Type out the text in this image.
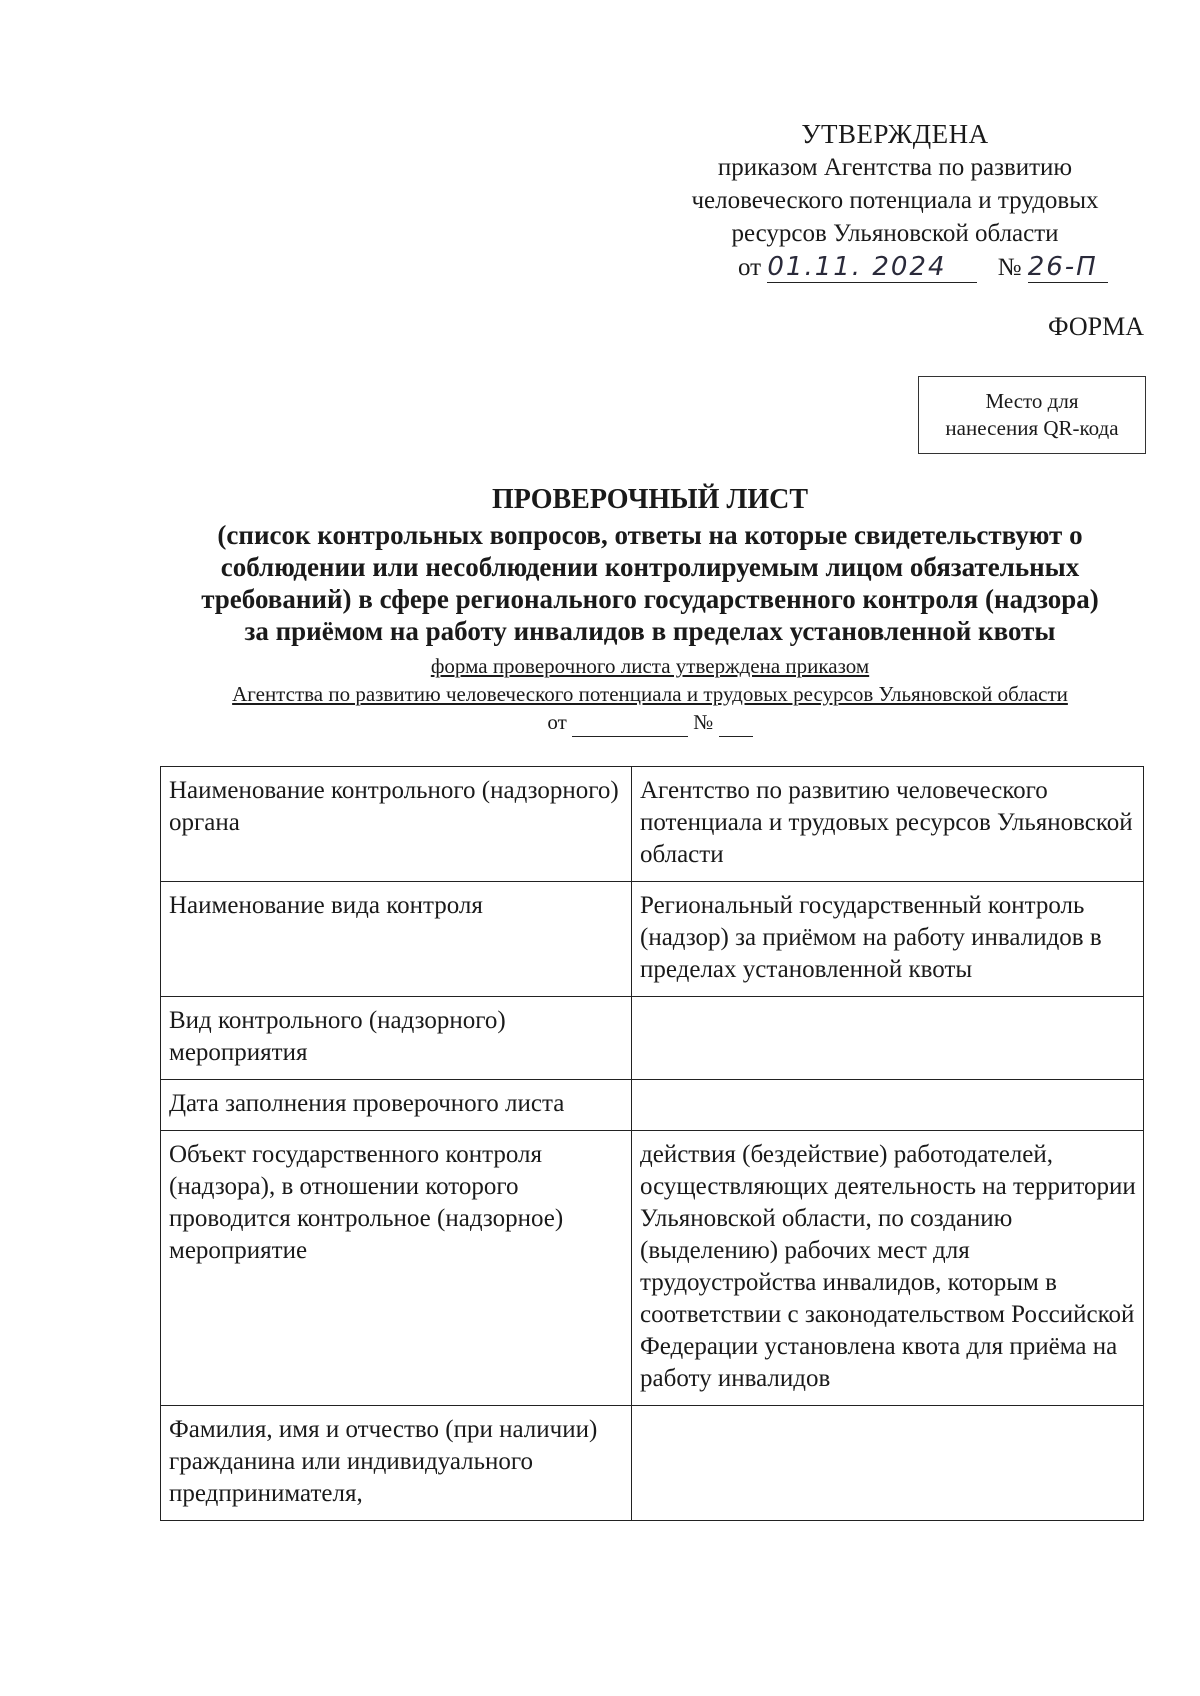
УТВЕРЖДЕНА
приказом Агентства по развитию
человеческого потенциала и трудовых
ресурсов Ульяновской области
от 01.11. 2024 № 26-П
ФОРМА
Место для
нанесения QR-кода
ПРОВЕРОЧНЫЙ ЛИСТ
(список контрольных вопросов, ответы на которые свидетельствуют о
соблюдении или несоблюдении контролируемым лицом обязательных
требований) в сфере регионального государственного контроля (надзора)
за приёмом на работу инвалидов в пределах установленной квоты
форма проверочного листа утверждена приказом
Агентства по развитию человеческого потенциала и трудовых ресурсов Ульяновской области
от	№
Наименование контрольного (надзорного) органа	Агентство по развитию человеческого потенциала и трудовых ресурсов Ульяновской области
Наименование вида контроля	Региональный государственный контроль (надзор) за приёмом на работу инвалидов в пределах установленной квоты
Вид контрольного (надзорного) мероприятия	
Дата заполнения проверочного листа	
Объект государственного контроля (надзора), в отношении которого проводится контрольное (надзорное) мероприятие	действия (бездействие) работодателей, осуществляющих деятельность на территории Ульяновской области, по созданию (выделению) рабочих мест для трудоустройства инвалидов, которым в соответствии с законодательством Российской Федерации установлена квота для приёма на работу инвалидов
Фамилия, имя и отчество (при наличии) гражданина или индивидуального предпринимателя,	
